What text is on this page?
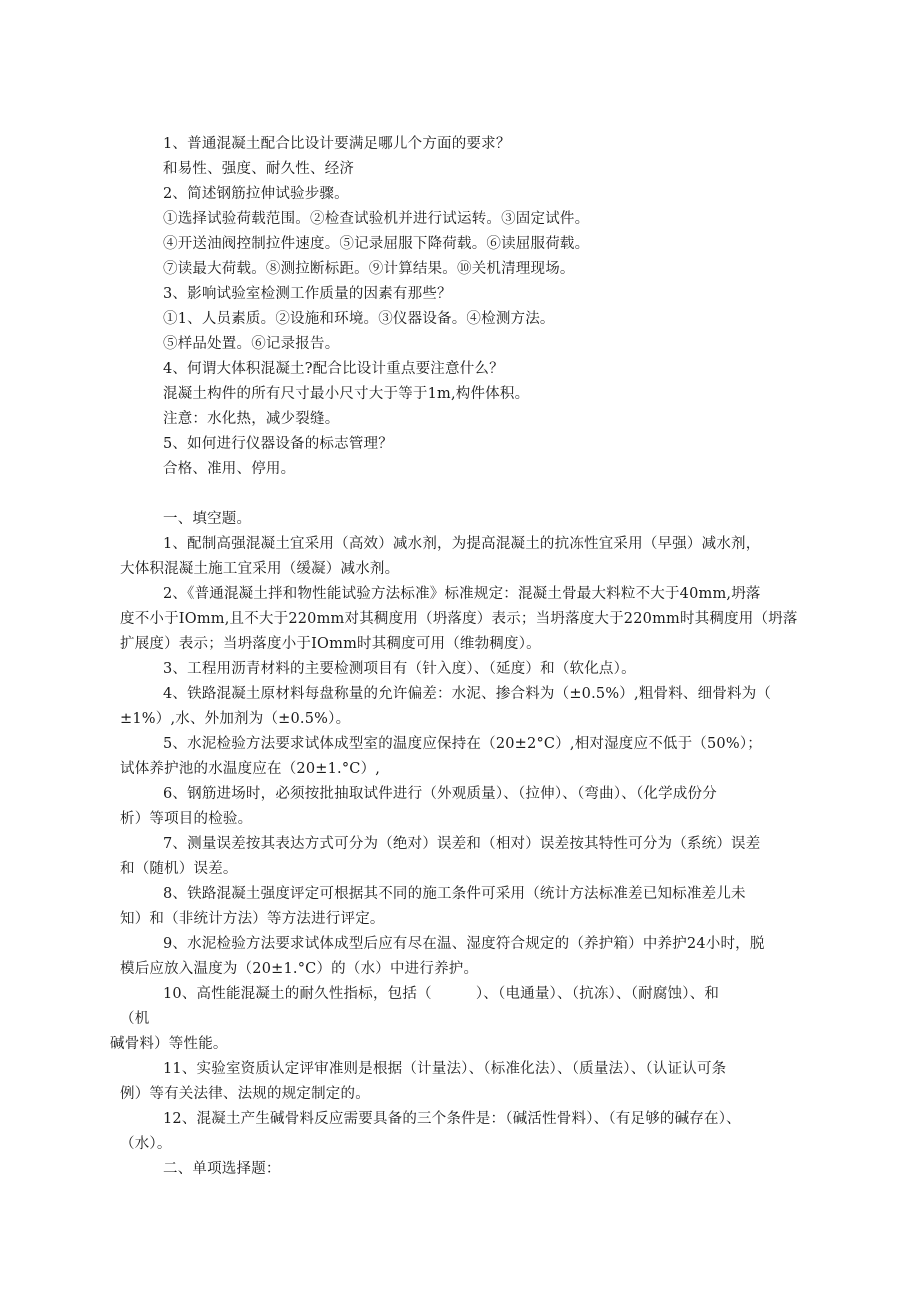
1、普通混凝土配合比设计要满足哪儿个方面的要求？
和易性、强度、耐久性、经济
2、简述钢筋拉伸试验步骤。
①选择试验荷载范围。②检查试验机并进行试运转。③固定试件。
④开送油阀控制拉件速度。⑤记录屈服下降荷载。⑥读屈服荷载。
⑦读最大荷载。⑧测拉断标距。⑨计算结果。⑩关机清理现场。
3、影响试验室检测工作质量的因素有那些？
①1、人员素质。②设施和环境。③仪器设备。④检测方法。
⑤样品处置。⑥记录报告。
4、何谓大体积混凝土?配合比设计重点要注意什么？
混凝土构件的所有尺寸最小尺寸大于等于1m,构件体积。
注意：水化热，减少裂缝。
5、如何进行仪器设备的标志管理？
合格、准用、停用。
一、填空题。
1、配制高强混凝土宜采用（高效）减水剂，为提高混凝土的抗冻性宜采用（早强）减水剂，
大体积混凝土施工宜采用（缓凝）减水剂。
2、《普通混凝土拌和物性能试验方法标准》标准规定：混凝土骨最大料粒不大于40mm,坍落
度不小于IOmm,且不大于220mm对其稠度用（坍落度）表示；当坍落度大于220mm时其稠度用（坍落
扩展度）表示；当坍落度小于IOmm时其稠度可用（维勃稠度）。
3、工程用沥青材料的主要检测项目有（针入度）、（延度）和（软化点）。
4、铁路混凝土原材料每盘称量的允许偏差：水泥、掺合料为（±0.5%）,粗骨料、细骨料为（
±1%）,水、外加剂为（±0.5%）。
5、水泥检验方法要求试体成型室的温度应保持在（20±2°C）,相对湿度应不低于（50%）；
试体养护池的水温度应在（20±1.°C）,
6、钢筋进场时，必须按批抽取试件进行（外观质量）、（拉伸）、（弯曲）、（化学成份分
析）等项目的检验。
7、测量误差按其表达方式可分为（绝对）误差和（相对）误差按其特性可分为（系统）误差
和（随机）误差。
8、铁路混凝土强度评定可根据其不同的施工条件可采用（统计方法标准差已知标准差儿未
知）和（非统计方法）等方法进行评定。
9、水泥检验方法要求试体成型后应有尽在温、湿度符合规定的（养护箱）中养护24小时，脱
模后应放入温度为（20±1.°C）的（水）中进行养护。
10、高性能混凝土的耐久性指标，包括（　　　）、（电通量）、（抗冻）、（耐腐蚀）、和
（机
碱骨料）等性能。
11、实验室资质认定评审准则是根据（计量法）、（标准化法）、（质量法）、（认证认可条
例）等有关法律、法规的规定制定的。
12、混凝土产生碱骨料反应需要具备的三个条件是：（碱活性骨料）、（有足够的碱存在）、
（水）。
二、单项选择题：
